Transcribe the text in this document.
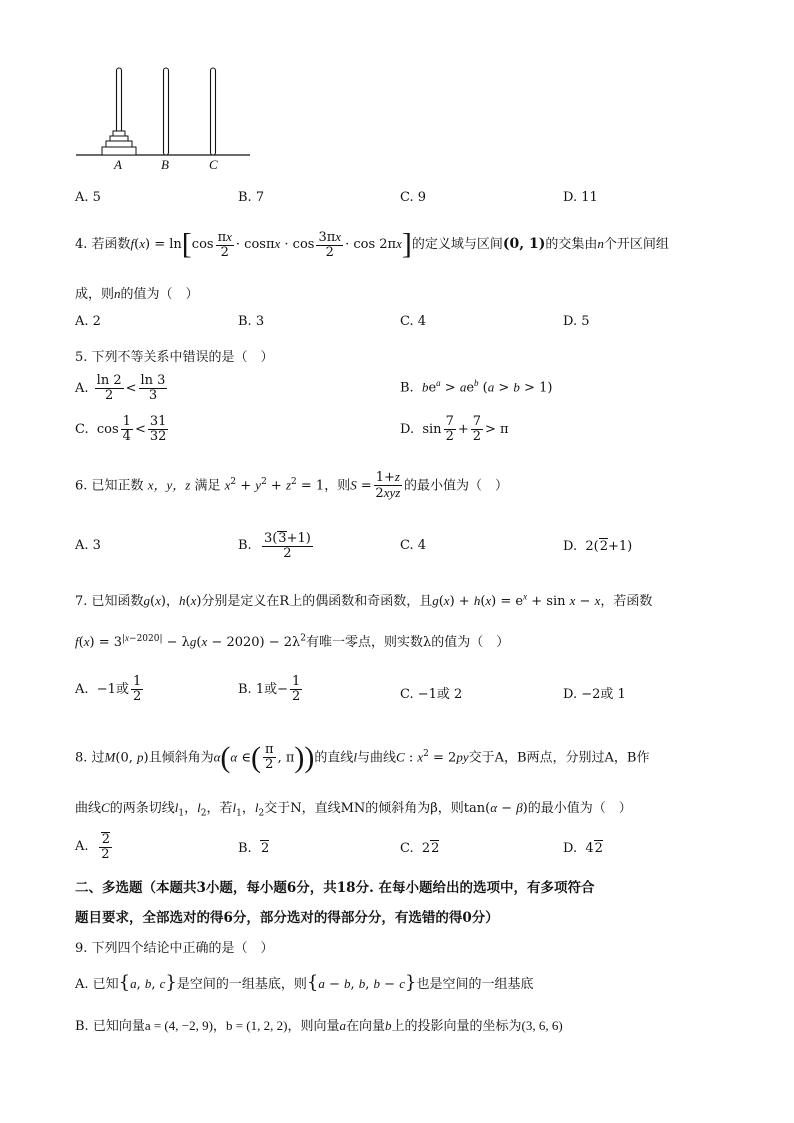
A	B	C
A. 5	B. 7	C. 9	D. 11
4. 若函数$f(x) = \ln[\cos \frac{\pi x}{2} \cdot \cos\pi x \cdot \cos \frac{3\pi x}{2} \cdot \cos 2\pi x]$的定义域与区间(0, 1)的交集由n个开区间组
成，则n的值为（　）
A. 2	B. 3	C. 4	D. 5
5. 下列不等关系中错误的是（　）
A. $\frac{\ln 2}{2} < \frac{\ln 3}{3}$	B.  $be^a > ae^b$ (a > b > 1)
C.  $\cos \frac{1}{4} < \frac{31}{32}$	D.  $\sin \frac{7}{2} + \frac{7}{2} > \pi$
6. 已知正数 x，y，z 满足 $x^2 + y^2 + z^2 = 1$，则$S = \frac{1+z}{\text{2xyz}}$ 的最小值为（　）
A. 3	B. $\frac{3(3+1)}{2}$	C. 4	D.  2(2+1)
7. 已知函数g(x)，h(x)分别是定义在R上的偶函数和奇函数，且$g(x) + h(x) = e^x + \sin x - x$，若函数
$f(x) = 3^{|x-2020|} - \lambda g(x - 2020) - 2\lambda^2$有唯一零点，则实数λ的值为（　）
A.  −1或 $\frac{1}{2}$	B. 1或− $\frac{1}{2}$	C. −1或 2	D. −2或 1
8. 过M(0, p)且倾斜角为α(α ∈( $\frac{\pi}{2}$ , π))的直线l与曲线C : $x^2 = 2py$交于A，B两点，分别过A，B作
曲线C的两条切线$l_1$，$l_2$，若$l_1$，$l_2$交于N，直线MN的倾斜角为β，则tan(α − β)的最小值为（　）
A. $\frac{2}{2}$	B.  2	C.  22	D.  42
二、多选题（本题共3小题，每小题6分，共18分. 在每小题给出的选项中，有多项符合
题目要求，全部选对的得6分，部分选对的得部分分，有选错的得0分）
9. 下列四个结论中正确的是（　）
A. 已知{a, b, c}是空间的一组基底，则{a − b, b, b − c}也是空间的一组基底
B. 已知向量a = (4, −2, 9)，b = (1, 2, 2)，则向量a在向量b上的投影向量的坐标为(3, 6, 6)
